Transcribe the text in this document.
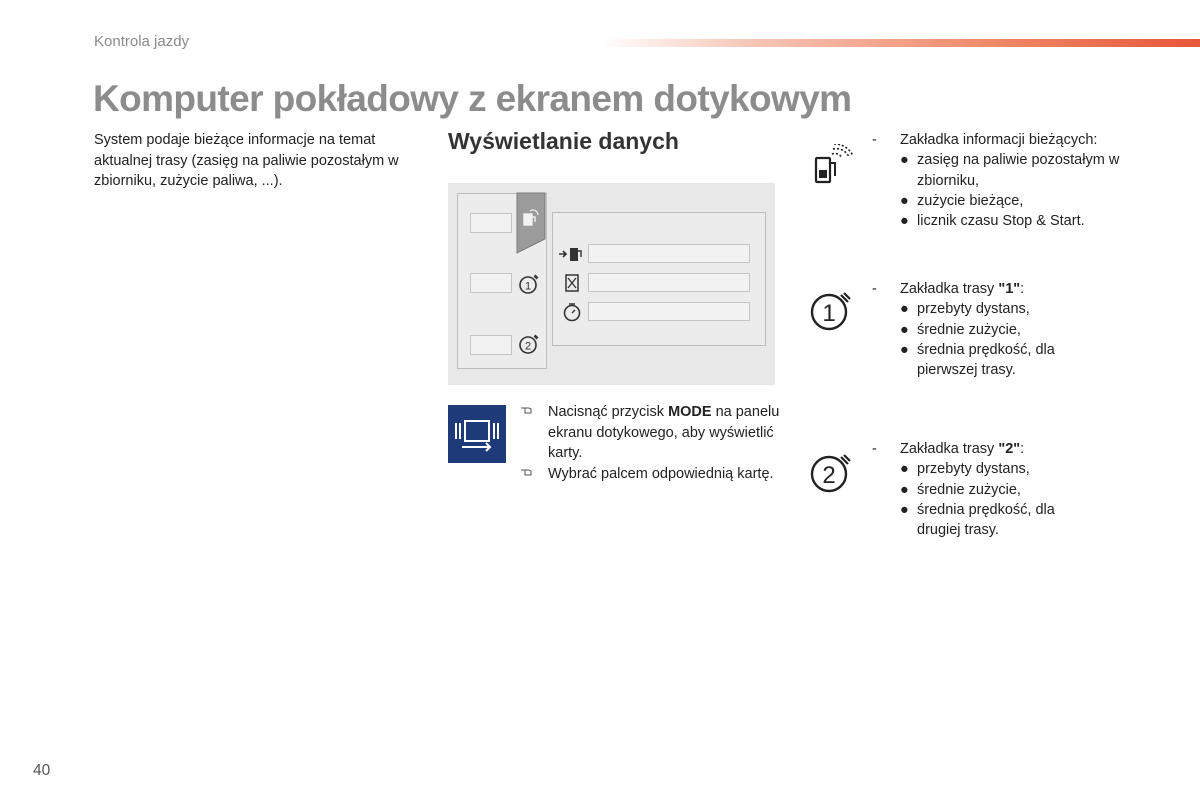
Kontrola jazdy
Komputer pokładowy z ekranem dotykowym

System podaje bieżące informacje na temat aktualnej trasy (zasięg na paliwie pozostałym w zbiorniku, zużycie paliwa, ...).

Wyświetlanie danych
1
2
Nacisnąć przycisk MODE na panelu ekranu dotykowego, aby wyświetlić karty.
Wybrać palcem odpowiednią kartę.
- Zakładka informacji bieżących:
● zasięg na paliwie pozostałym w zbiorniku,
● zużycie bieżące,
● licznik czasu Stop & Start.
1
- Zakładka trasy "1":
● przebyty dystans,
● średnie zużycie,
● średnia prędkość, dla pierwszej trasy.
2
- Zakładka trasy "2":
● przebyty dystans,
● średnie zużycie,
● średnia prędkość, dla drugiej trasy.
40
